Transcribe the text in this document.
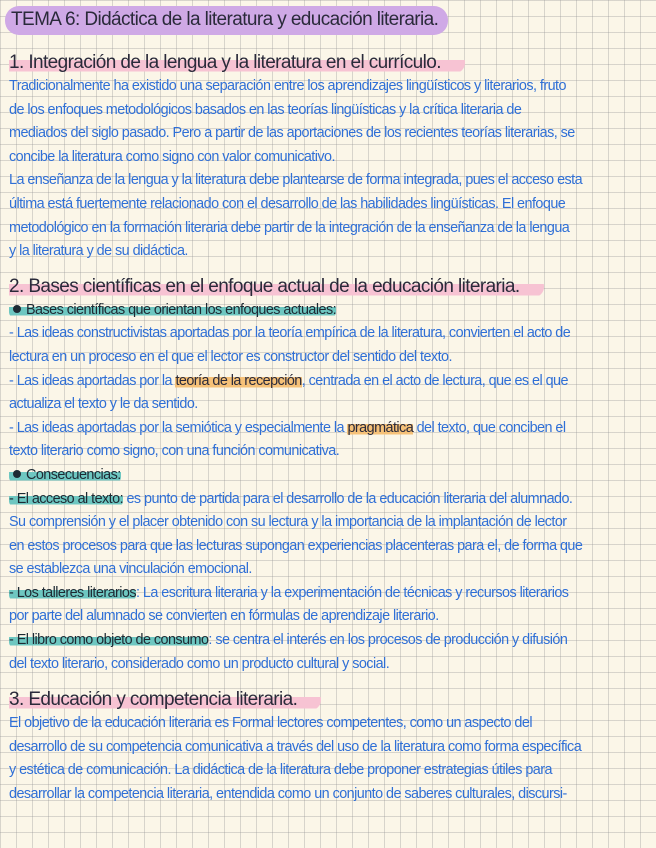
TEMA 6: Didáctica de la literatura y educación literaria.
1. Integración de la lengua y la literatura en el currículo.

Tradicionalmente ha existido una separación entre los aprendizajes lingüísticos y literarios, fruto

de los enfoques metodológicos basados en las teorías lingüísticas y la crítica literaria de

mediados del siglo pasado. Pero a partir de las aportaciones de los recientes teorías literarias, se

concibe la literatura como signo con valor comunicativo.

La enseñanza de la lengua y la literatura debe plantearse de forma integrada, pues el acceso esta

última está fuertemente relacionado con el desarrollo de las habilidades lingüísticas. El enfoque

metodológico en la formación literaria debe partir de la integración de la enseñanza de la lengua

y la literatura y de su didáctica.

2. Bases científicas en el enfoque actual de la educación literaria.

Bases científicas que orientan los enfoques actuales:

- Las ideas constructivistas aportadas por la teoría empírica de la literatura, convierten el acto de

lectura en un proceso en el que el lector es constructor del sentido del texto.

- Las ideas aportadas por la teoría de la recepción, centrada en el acto de lectura, que es el que

actualiza el texto y le da sentido.

- Las ideas aportadas por la semiótica y especialmente la pragmática del texto, que conciben el

texto literario como signo, con una función comunicativa.

Consecuencias:

- El acceso al texto: es punto de partida para el desarrollo de la educación literaria del alumnado.

Su comprensión y el placer obtenido con su lectura y la importancia de la implantación de lector

en estos procesos para que las lecturas supongan experiencias placenteras para el, de forma que

se establezca una vinculación emocional.

- Los talleres literarios: La escritura literaria y la experimentación de técnicas y recursos literarios

por parte del alumnado se convierten en fórmulas de aprendizaje literario.

- El libro como objeto de consumo: se centra el interés en los procesos de producción y difusión

del texto literario, considerado como un producto cultural y social.

3. Educación y competencia literaria.

El objetivo de la educación literaria es Formal lectores competentes, como un aspecto del

desarrollo de su competencia comunicativa a través del uso de la literatura como forma específica

y estética de comunicación. La didáctica de la literatura debe proponer estrategias útiles para

desarrollar la competencia literaria, entendida como un conjunto de saberes culturales, discursi-
